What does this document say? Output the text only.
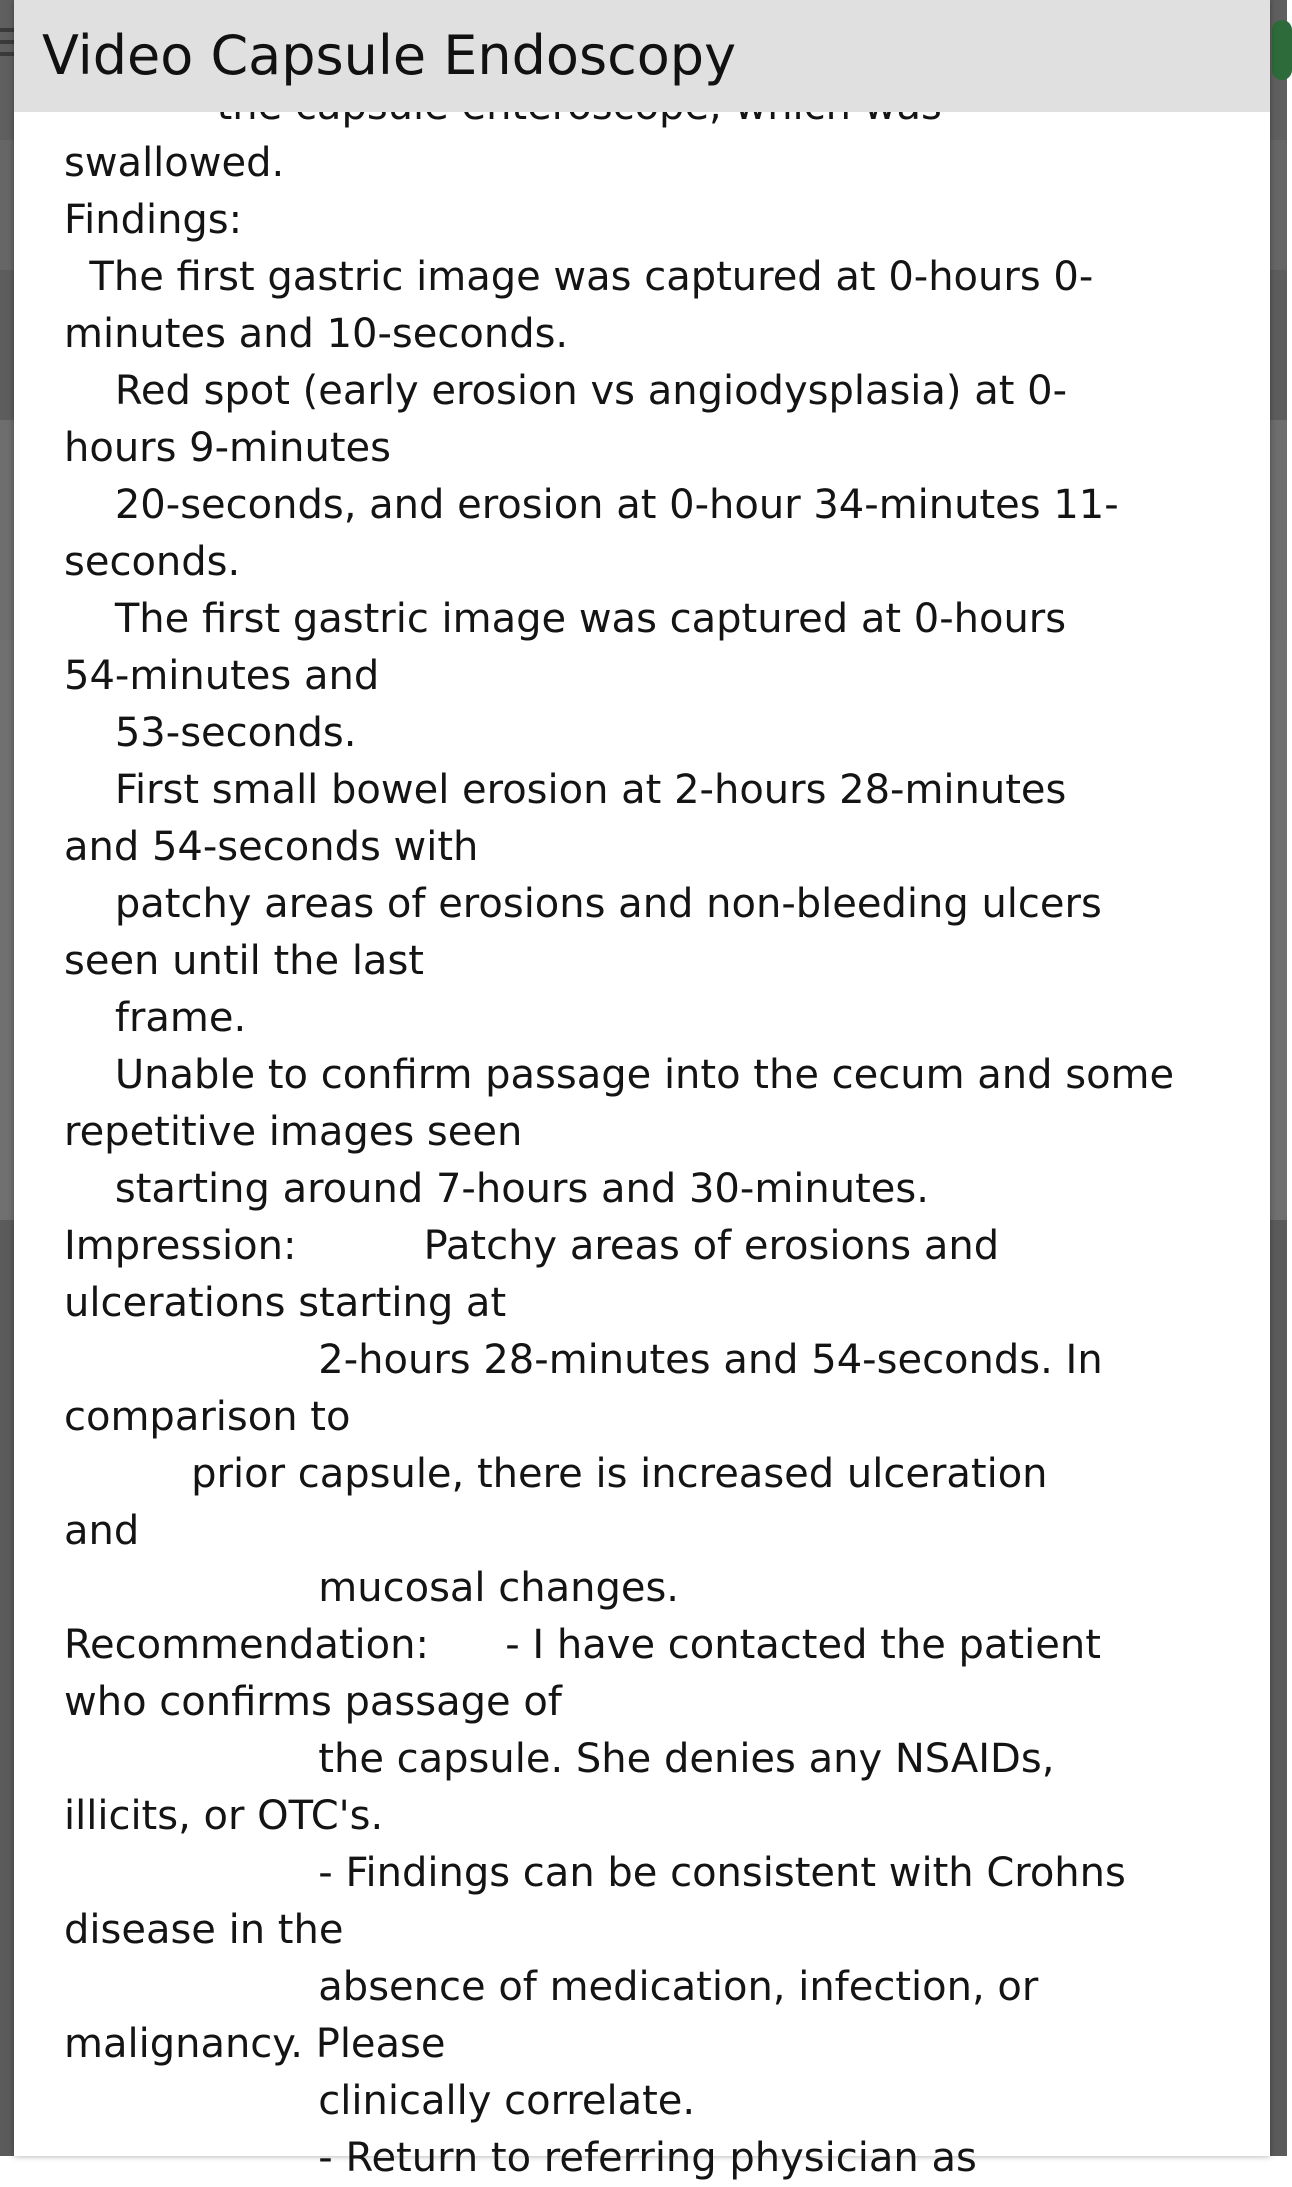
swallowed.
Findings:
The first gastric image was captured at 0-hours 0-
minutes and 10-seconds.
Red spot (early erosion vs angiodysplasia) at 0-
hours 9-minutes
20-seconds, and erosion at 0-hour 34-minutes 11-
seconds.
The first gastric image was captured at 0-hours
54-minutes and
53-seconds.
First small bowel erosion at 2-hours 28-minutes
and 54-seconds with
patchy areas of erosions and non-bleeding ulcers
seen until the last
frame.
Unable to confirm passage into the cecum and some
repetitive images seen
starting around 7-hours and 30-minutes.
Impression:          Patchy areas of erosions and
ulcerations starting at
2-hours 28-minutes and 54-seconds. In
comparison to
prior capsule, there is increased ulceration
and
mucosal changes.
Recommendation:      - I have contacted the patient
who confirms passage of
the capsule. She denies any NSAIDs,
illicits, or OTC's.
- Findings can be consistent with Crohns
disease in the
absence of medication, infection, or
malignancy. Please
clinically correlate.
- Return to referring physician as
Video Capsule Endoscopy
